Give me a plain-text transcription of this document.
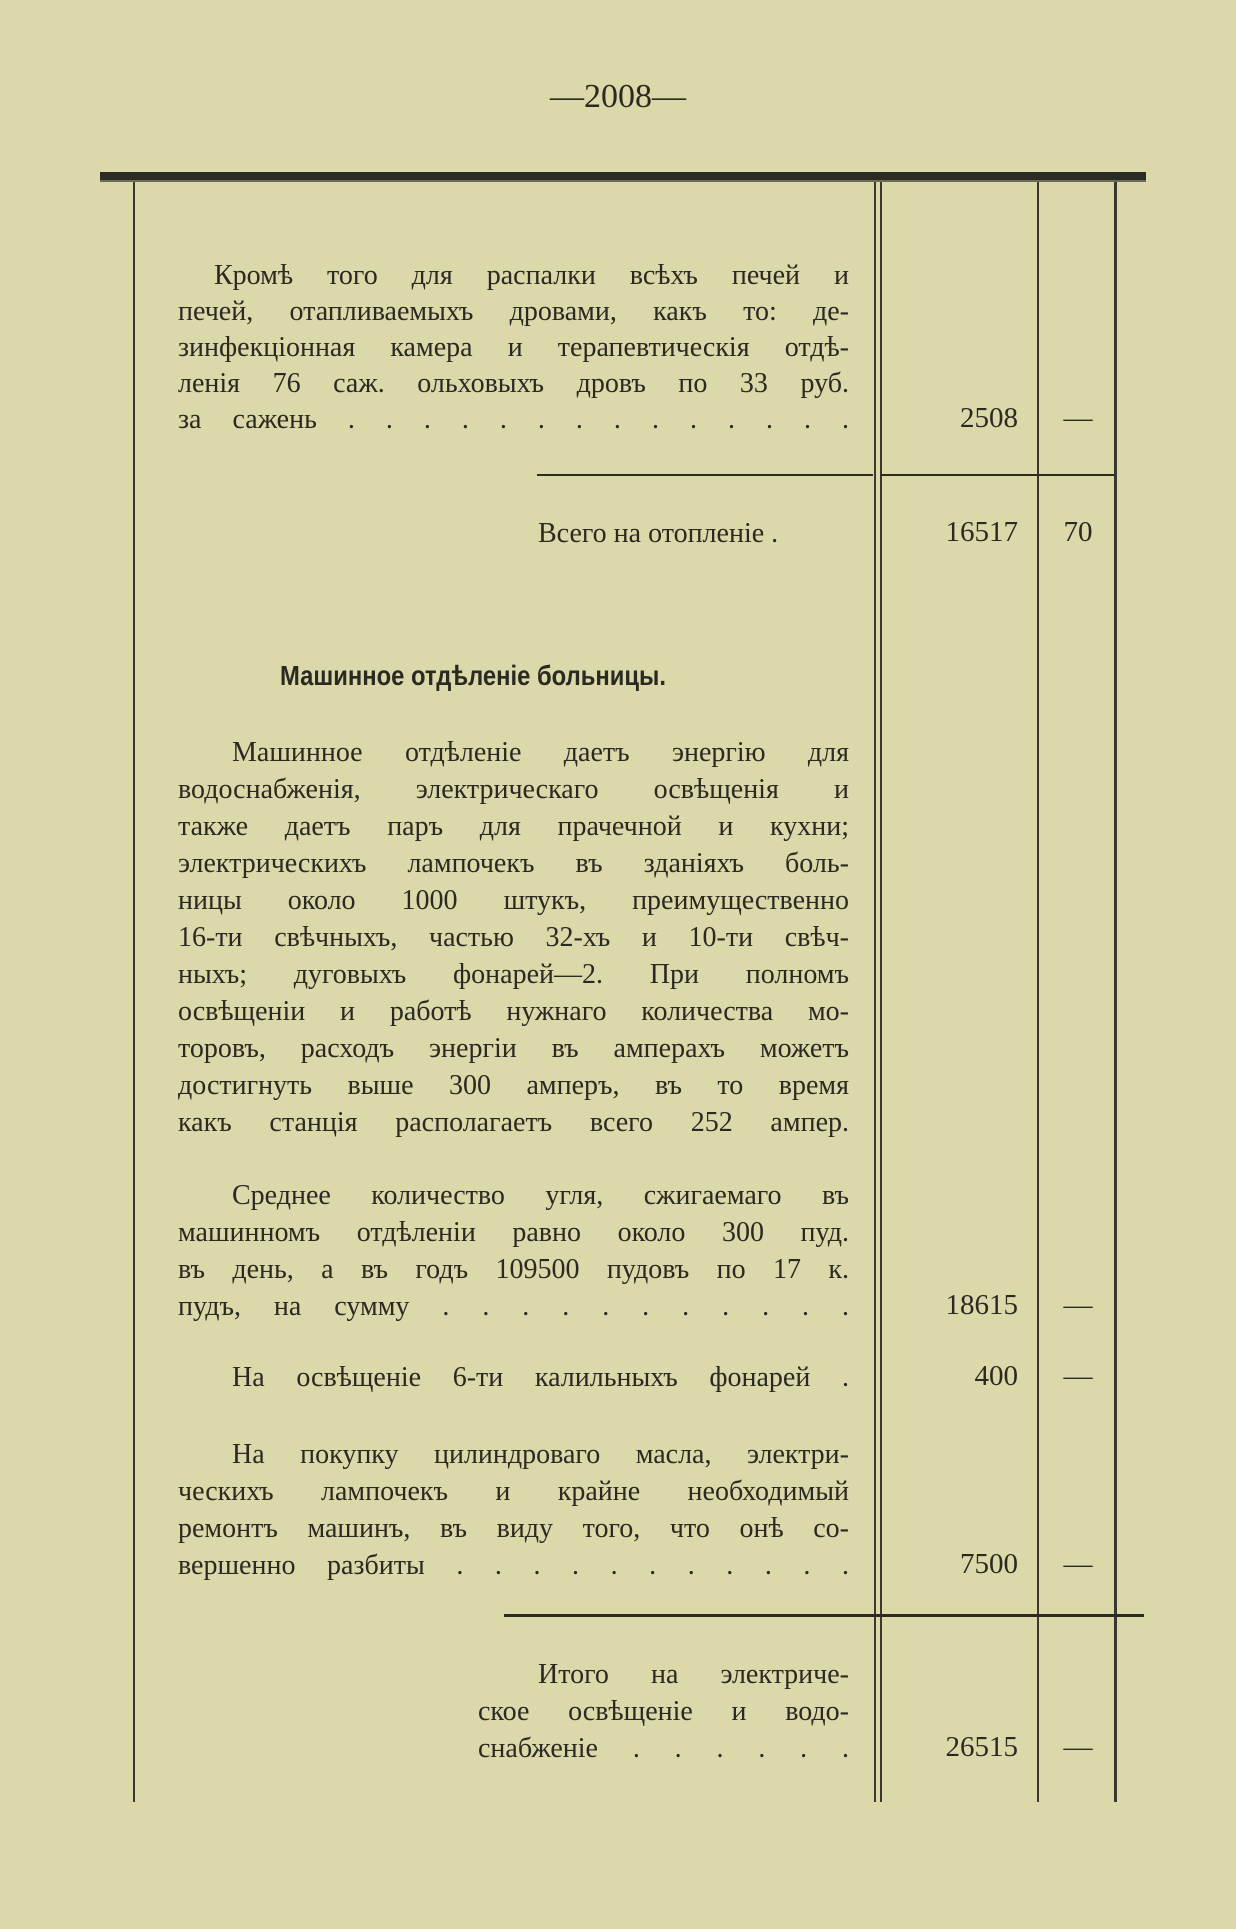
—2008—
Кромѣ того для распалки всѣхъ печей и
печей, отапливаемыхъ дровами, какъ то: де-
зинфекціонная камера и терапевтическія отдѣ-
ленія 76 саж. ольховыхъ дровъ по 33 руб.
за сажень . . . . . . . . . . . . . .	2508	—
Всего на отопленіе .	16517	70
Машинное отдѣленіе больницы.
Машинное отдѣленіе даетъ энергію для
водоснабженія, электрическаго освѣщенія и
также даетъ паръ для прачечной и кухни;
электрическихъ лампочекъ въ зданіяхъ боль-
ницы около 1000 штукъ, преимущественно
16-ти свѣчныхъ, частью 32-хъ и 10-ти свѣч-
ныхъ; дуговыхъ фонарей—2. При полномъ
освѣщеніи и работѣ нужнаго количества мо-
торовъ, расходъ энергіи въ амперахъ можетъ
достигнуть выше 300 амперъ, въ то время
какъ станція располагаетъ всего 252 ампер.
Среднее количество угля, сжигаемаго въ
машинномъ отдѣленіи равно около 300 пуд.
въ день, а въ годъ 109500 пудовъ по 17 к.
пудъ, на сумму . . . . . . . . . . .	18615	—
На освѣщеніе 6-ти калильныхъ фонарей .	400	—
На покупку цилиндроваго масла, электри-
ческихъ лампочекъ и крайне необходимый
ремонтъ машинъ, въ виду того, что онѣ со-
вершенно разбиты . . . . . . . . . . .	7500	—
Итого на электриче-
ское освѣщеніе и водо-
снабженіе . . . . . .	26515	—
